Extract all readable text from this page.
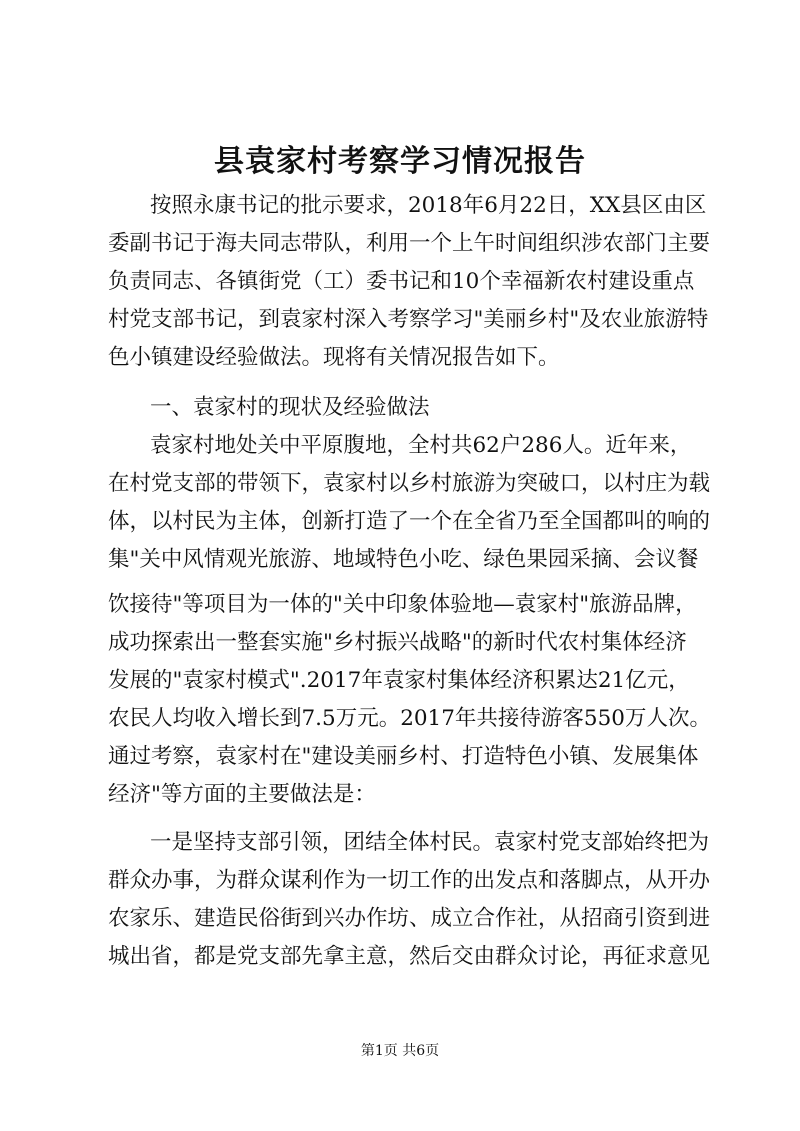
县袁家村考察学习情况报告

按照永康书记的批示要求，2018年6月22日，XX县区由区

委副书记于海夫同志带队，利用一个上午时间组织涉农部门主要

负责同志、各镇街党（工）委书记和10个幸福新农村建设重点

村党支部书记，到袁家村深入考察学习"美丽乡村"及农业旅游特

色小镇建设经验做法。现将有关情况报告如下。

一、袁家村的现状及经验做法

袁家村地处关中平原腹地，全村共62户286人。近年来，

在村党支部的带领下，袁家村以乡村旅游为突破口，以村庄为载

体，以村民为主体，创新打造了一个在全省乃至全国都叫的响的

集"关中风情观光旅游、地域特色小吃、绿色果园采摘、会议餐

饮接待"等项目为一体的"关中印象体验地—袁家村"旅游品牌，

成功探索出一整套实施"乡村振兴战略"的新时代农村集体经济

发展的"袁家村模式".2017年袁家村集体经济积累达21亿元，

农民人均收入增长到7.5万元。2017年共接待游客550万人次。

通过考察，袁家村在"建设美丽乡村、打造特色小镇、发展集体

经济"等方面的主要做法是：

一是坚持支部引领，团结全体村民。袁家村党支部始终把为

群众办事，为群众谋利作为一切工作的出发点和落脚点，从开办

农家乐、建造民俗街到兴办作坊、成立合作社，从招商引资到进

城出省，都是党支部先拿主意，然后交由群众讨论，再征求意见

第1页 共6页
